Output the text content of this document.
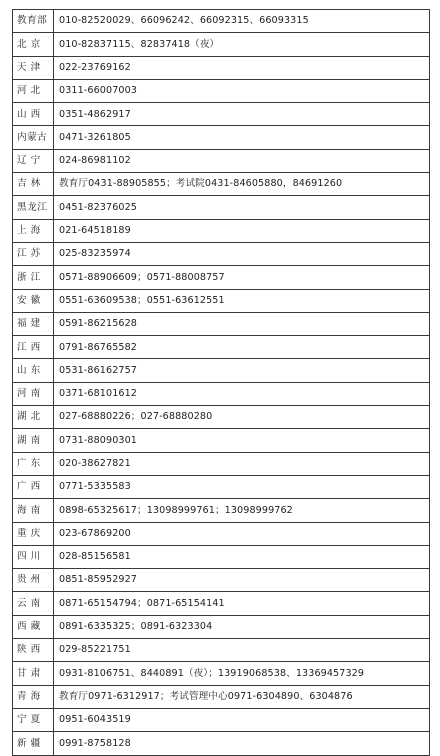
教育部	010-82520029、66096242、66092315、66093315
北 京	010-82837115、82837418（夜）
天 津	022-23769162
河 北	0311-66007003
山 西	0351-4862917
内蒙古	0471-3261805
辽 宁	024-86981102
吉 林	教育厅0431-88905855；考试院0431-84605880，84691260
黑龙江	0451-82376025
上 海	021-64518189
江 苏	025-83235974
浙 江	0571-88906609；0571-88008757
安 徽	0551-63609538；0551-63612551
福 建	0591-86215628
江 西	0791-86765582
山 东	0531-86162757
河 南	0371-68101612
湖 北	027-68880226；027-68880280
湖 南	0731-88090301
广 东	020-38627821
广 西	0771-5335583
海 南	0898-65325617；13098999761；13098999762
重 庆	023-67869200
四 川	028-85156581
贵 州	0851-85952927
云 南	0871-65154794；0871-65154141
西 藏	0891-6335325；0891-6323304
陕 西	029-85221751
甘 肃	0931-8106751、8440891（夜）；13919068538、13369457329
青 海	教育厅0971-6312917；考试管理中心0971-6304890、6304876
宁 夏	0951-6043519
新 疆	0991-8758128
